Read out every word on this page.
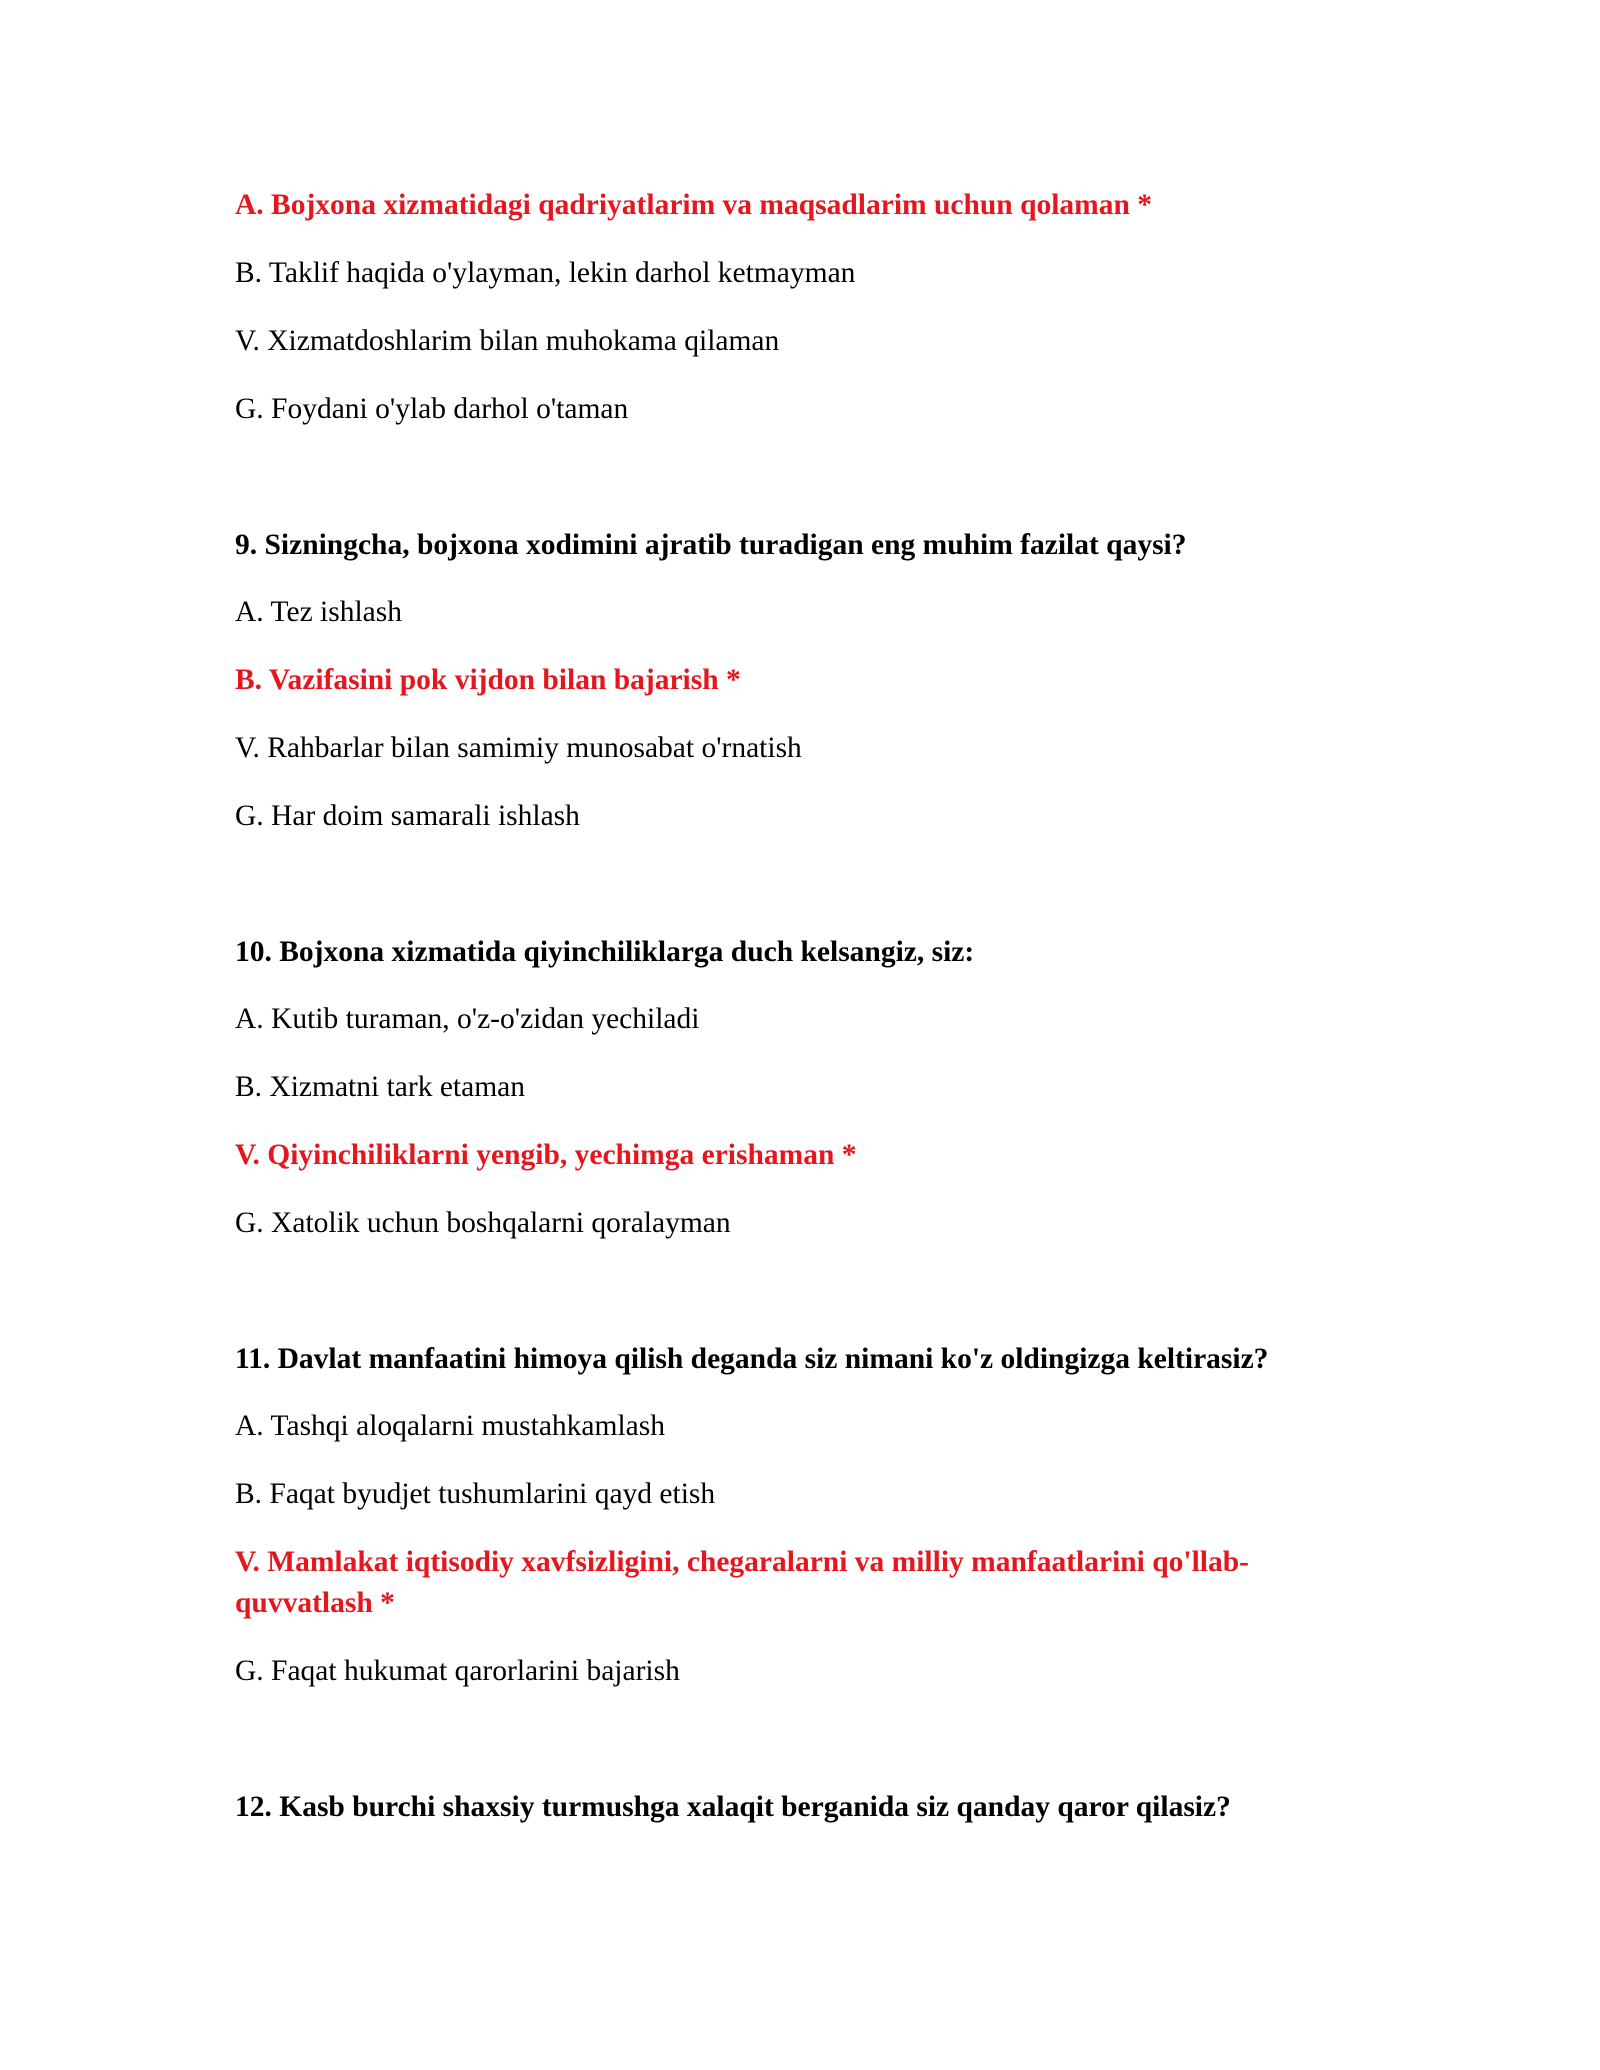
A. Bojxona xizmatidagi qadriyatlarim va maqsadlarim uchun qolaman *

B. Taklif haqida o'ylayman, lekin darhol ketmayman

V. Xizmatdoshlarim bilan muhokama qilaman

G. Foydani o'ylab darhol o'taman

9. Sizningcha, bojxona xodimini ajratib turadigan eng muhim fazilat qaysi?

A. Tez ishlash

B. Vazifasini pok vijdon bilan bajarish *

V. Rahbarlar bilan samimiy munosabat o'rnatish

G. Har doim samarali ishlash

10. Bojxona xizmatida qiyinchiliklarga duch kelsangiz, siz:

A. Kutib turaman, o'z-o'zidan yechiladi

B. Xizmatni tark etaman

V. Qiyinchiliklarni yengib, yechimga erishaman *

G. Xatolik uchun boshqalarni qoralayman

11. Davlat manfaatini himoya qilish deganda siz nimani ko'z oldingizga keltirasiz?

A. Tashqi aloqalarni mustahkamlash

B. Faqat byudjet tushumlarini qayd etish

V. Mamlakat iqtisodiy xavfsizligini, chegaralarni va milliy manfaatlarini qo'llab-quvvatlash *

G. Faqat hukumat qarorlarini bajarish

12. Kasb burchi shaxsiy turmushga xalaqit berganida siz qanday qaror qilasiz?
